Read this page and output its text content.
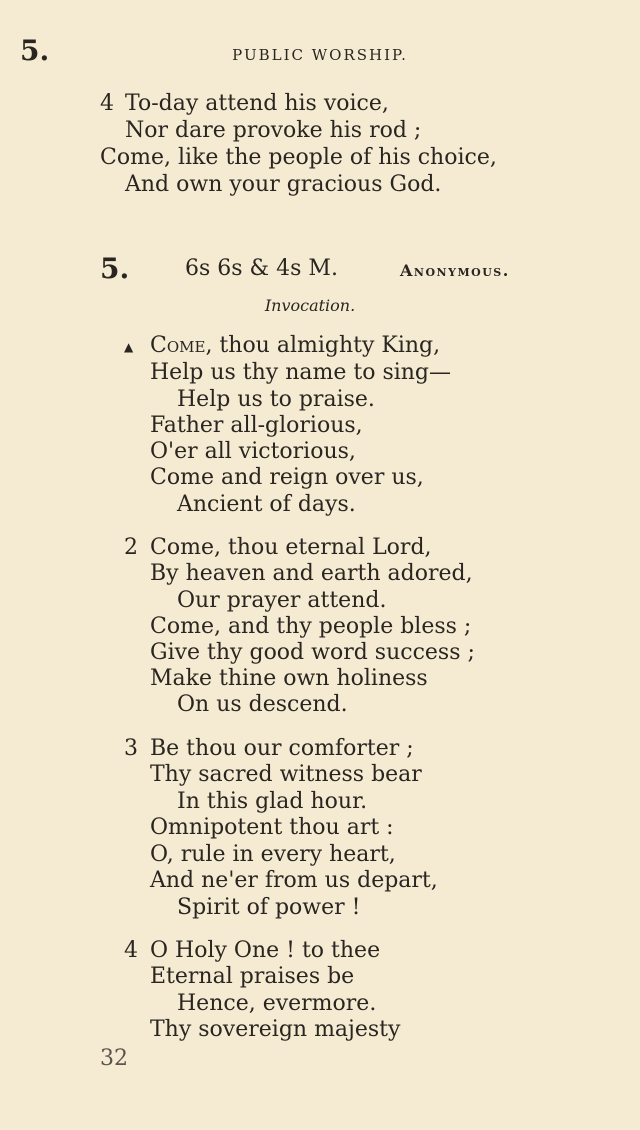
5.	PUBLIC WORSHIP.
4 To-day attend his voice,
Nor dare provoke his rod ;
Come, like the people of his choice,
And own your gracious God.
5.	6s 6s & 4s M.	Anonymous.
Invocation.
▲ Come, thou almighty King,
Help us thy name to sing—
Help us to praise.
Father all-glorious,
O'er all victorious,
Come and reign over us,
Ancient of days.
2 Come, thou eternal Lord,
By heaven and earth adored,
Our prayer attend.
Come, and thy people bless ;
Give thy good word success ;
Make thine own holiness
On us descend.
3 Be thou our comforter ;
Thy sacred witness bear
In this glad hour.
Omnipotent thou art :
O, rule in every heart,
And ne'er from us depart,
Spirit of power !
4 O Holy One ! to thee
Eternal praises be
Hence, evermore.
Thy sovereign majesty
32
